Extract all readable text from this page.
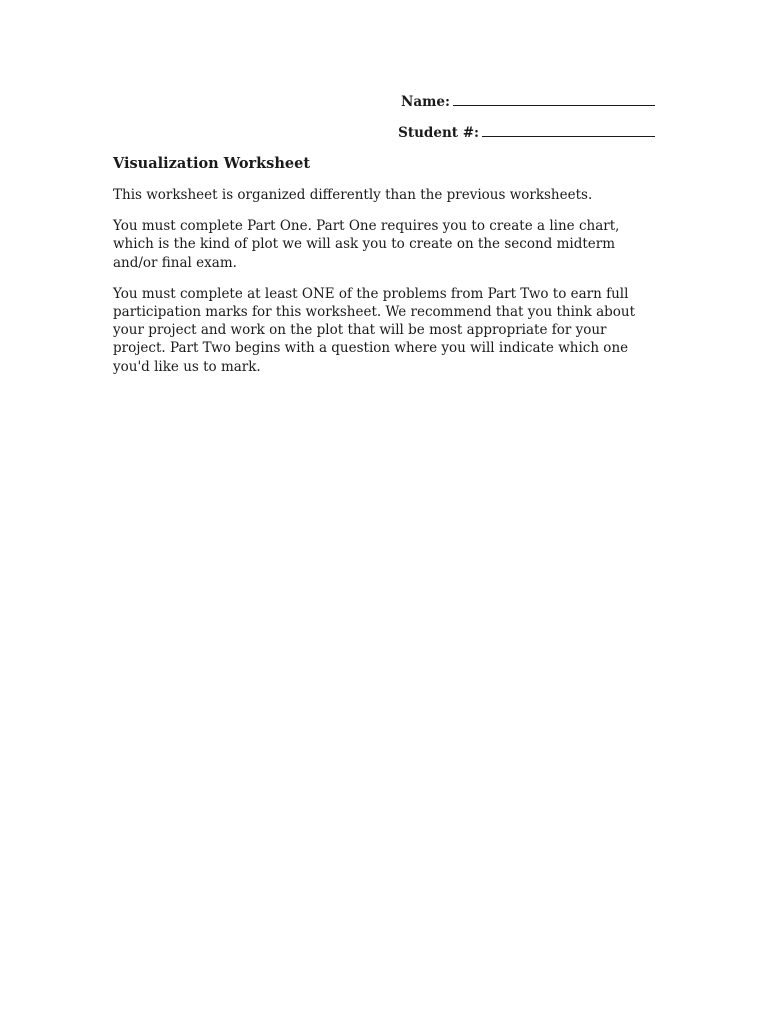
Name:
Student #:
Visualization Worksheet

This worksheet is organized differently than the previous worksheets.

You must complete Part One. Part One requires you to create a line chart, which is the kind of plot we will ask you to create on the second midterm and/or final exam.

You must complete at least ONE of the problems from Part Two to earn full participation marks for this worksheet. We recommend that you think about your project and work on the plot that will be most appropriate for your project. Part Two begins with a question where you will indicate which one you'd like us to mark.
